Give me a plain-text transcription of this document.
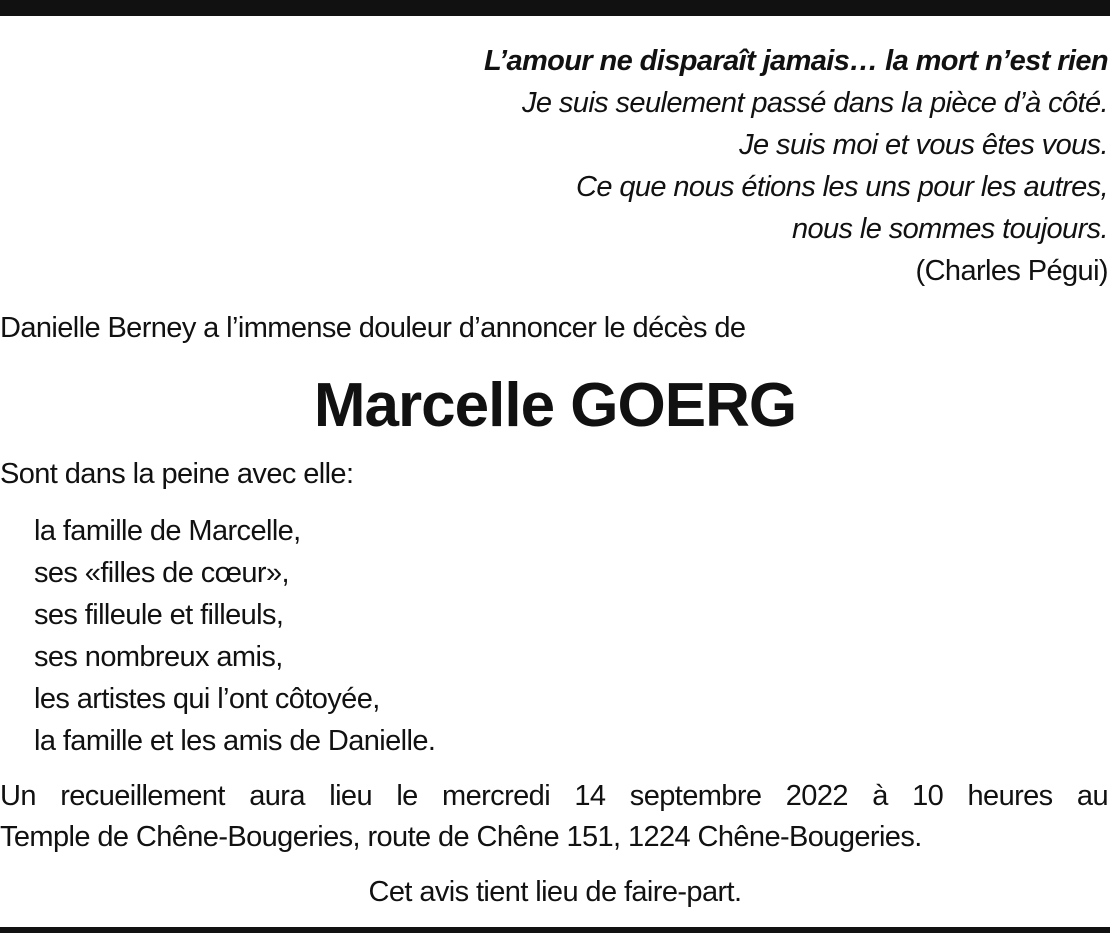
L’amour ne disparaît jamais… la mort n’est rien
Je suis seulement passé dans la pièce d’à côté.
Je suis moi et vous êtes vous.
Ce que nous étions les uns pour les autres,
nous le sommes toujours.
(Charles Pégui)
Danielle Berney a l’immense douleur d’annoncer le décès de
Marcelle GOERG
Sont dans la peine avec elle:
la famille de Marcelle,
ses «filles de cœur»,
ses filleule et filleuls,
ses nombreux amis,
les artistes qui l’ont côtoyée,
la famille et les amis de Danielle.
Un recueillement aura lieu le mercredi 14 septembre 2022 à 10 heures au
Temple de Chêne-Bougeries, route de Chêne 151, 1224 Chêne-Bougeries.
Cet avis tient lieu de faire-part.
